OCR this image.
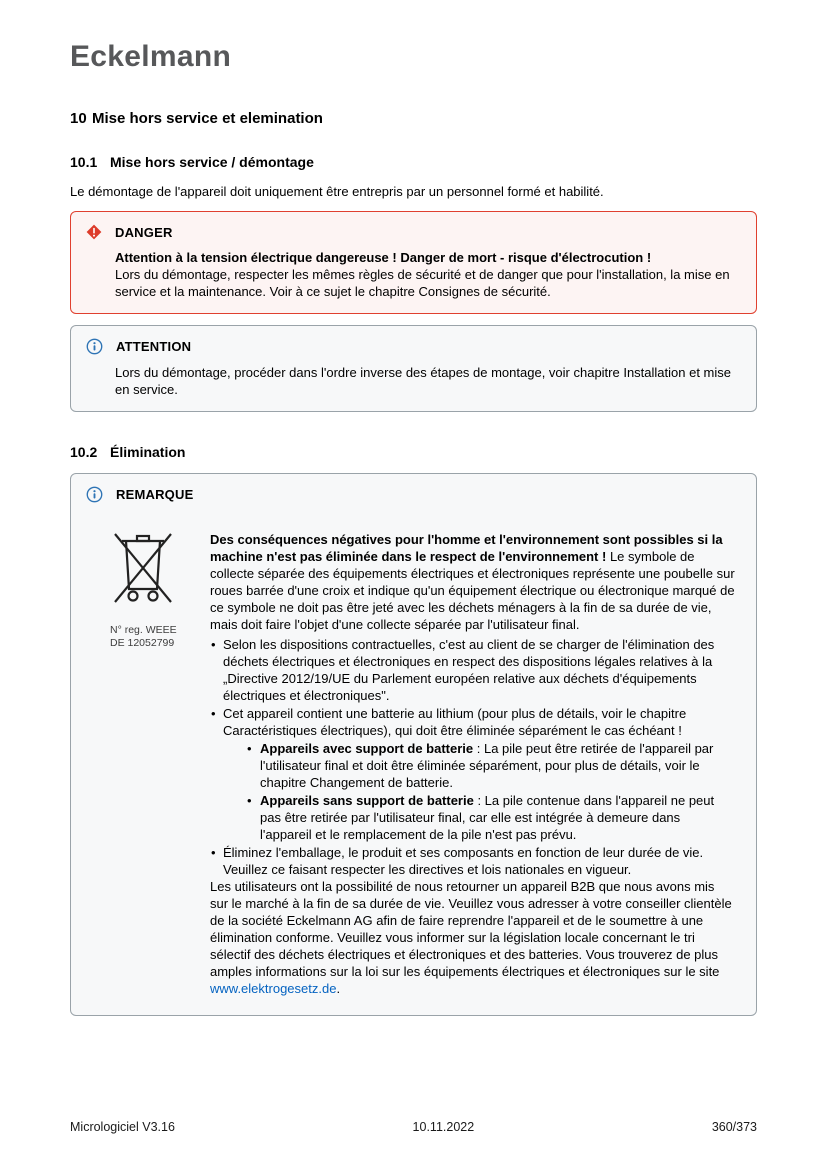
Eckelmann
10 Mise hors service et elemination
10.1 Mise hors service / démontage

Le démontage de l'appareil doit uniquement être entrepris par un personnel formé et habilité.

DANGER

Attention à la tension électrique dangereuse ! Danger de mort - risque d'électrocution !

Lors du démontage, respecter les mêmes règles de sécurité et de danger que pour l'installation, la mise en service et la maintenance. Voir à ce sujet le chapitre Consignes de sécurité.

ATTENTION

Lors du démontage, procéder dans l'ordre inverse des étapes de montage, voir chapitre Installation et mise en service.

10.2 Élimination
REMARQUE
N° reg. WEEE
DE 12052799

Des conséquences négatives pour l'homme et l'environnement sont possibles si la machine n'est pas éliminée dans le respect de l'environnement ! Le symbole de collecte séparée des équipements électriques et électroniques représente une poubelle sur roues barrée d'une croix et indique qu'un équipement électrique ou électronique marqué de ce symbole ne doit pas être jeté avec les déchets ménagers à la fin de sa durée de vie, mais doit faire l'objet d'une collecte séparée par l'utilisateur final.

• Selon les dispositions contractuelles, c'est au client de se charger de l'élimination des déchets électriques et électroniques en respect des dispositions légales relatives à la „Directive 2012/19/UE du Parlement européen relative aux déchets d'équipements électriques et électroniques".
• Cet appareil contient une batterie au lithium (pour plus de détails, voir le chapitre Caractéristiques électriques), qui doit être éliminée séparément le cas échéant !
• Appareils avec support de batterie : La pile peut être retirée de l'appareil par l'utilisateur final et doit être éliminée séparément, pour plus de détails, voir le chapitre Changement de batterie.
• Appareils sans support de batterie : La pile contenue dans l'appareil ne peut pas être retirée par l'utilisateur final, car elle est intégrée à demeure dans l'appareil et le remplacement de la pile n'est pas prévu.
• Éliminez l'emballage, le produit et ses composants en fonction de leur durée de vie. Veuillez ce faisant respecter les directives et lois nationales en vigueur.

Les utilisateurs ont la possibilité de nous retourner un appareil B2B que nous avons mis sur le marché à la fin de sa durée de vie. Veuillez vous adresser à votre conseiller clientèle de la société Eckelmann AG afin de faire reprendre l'appareil et de le soumettre à une élimination conforme. Veuillez vous informer sur la législation locale concernant le tri sélectif des déchets électriques et électroniques et des batteries. Vous trouverez de plus amples informations sur la loi sur les équipements électriques et électroniques sur le site www.elektrogesetz.de.

Micrologiciel V3.16	10.11.2022	360/373
